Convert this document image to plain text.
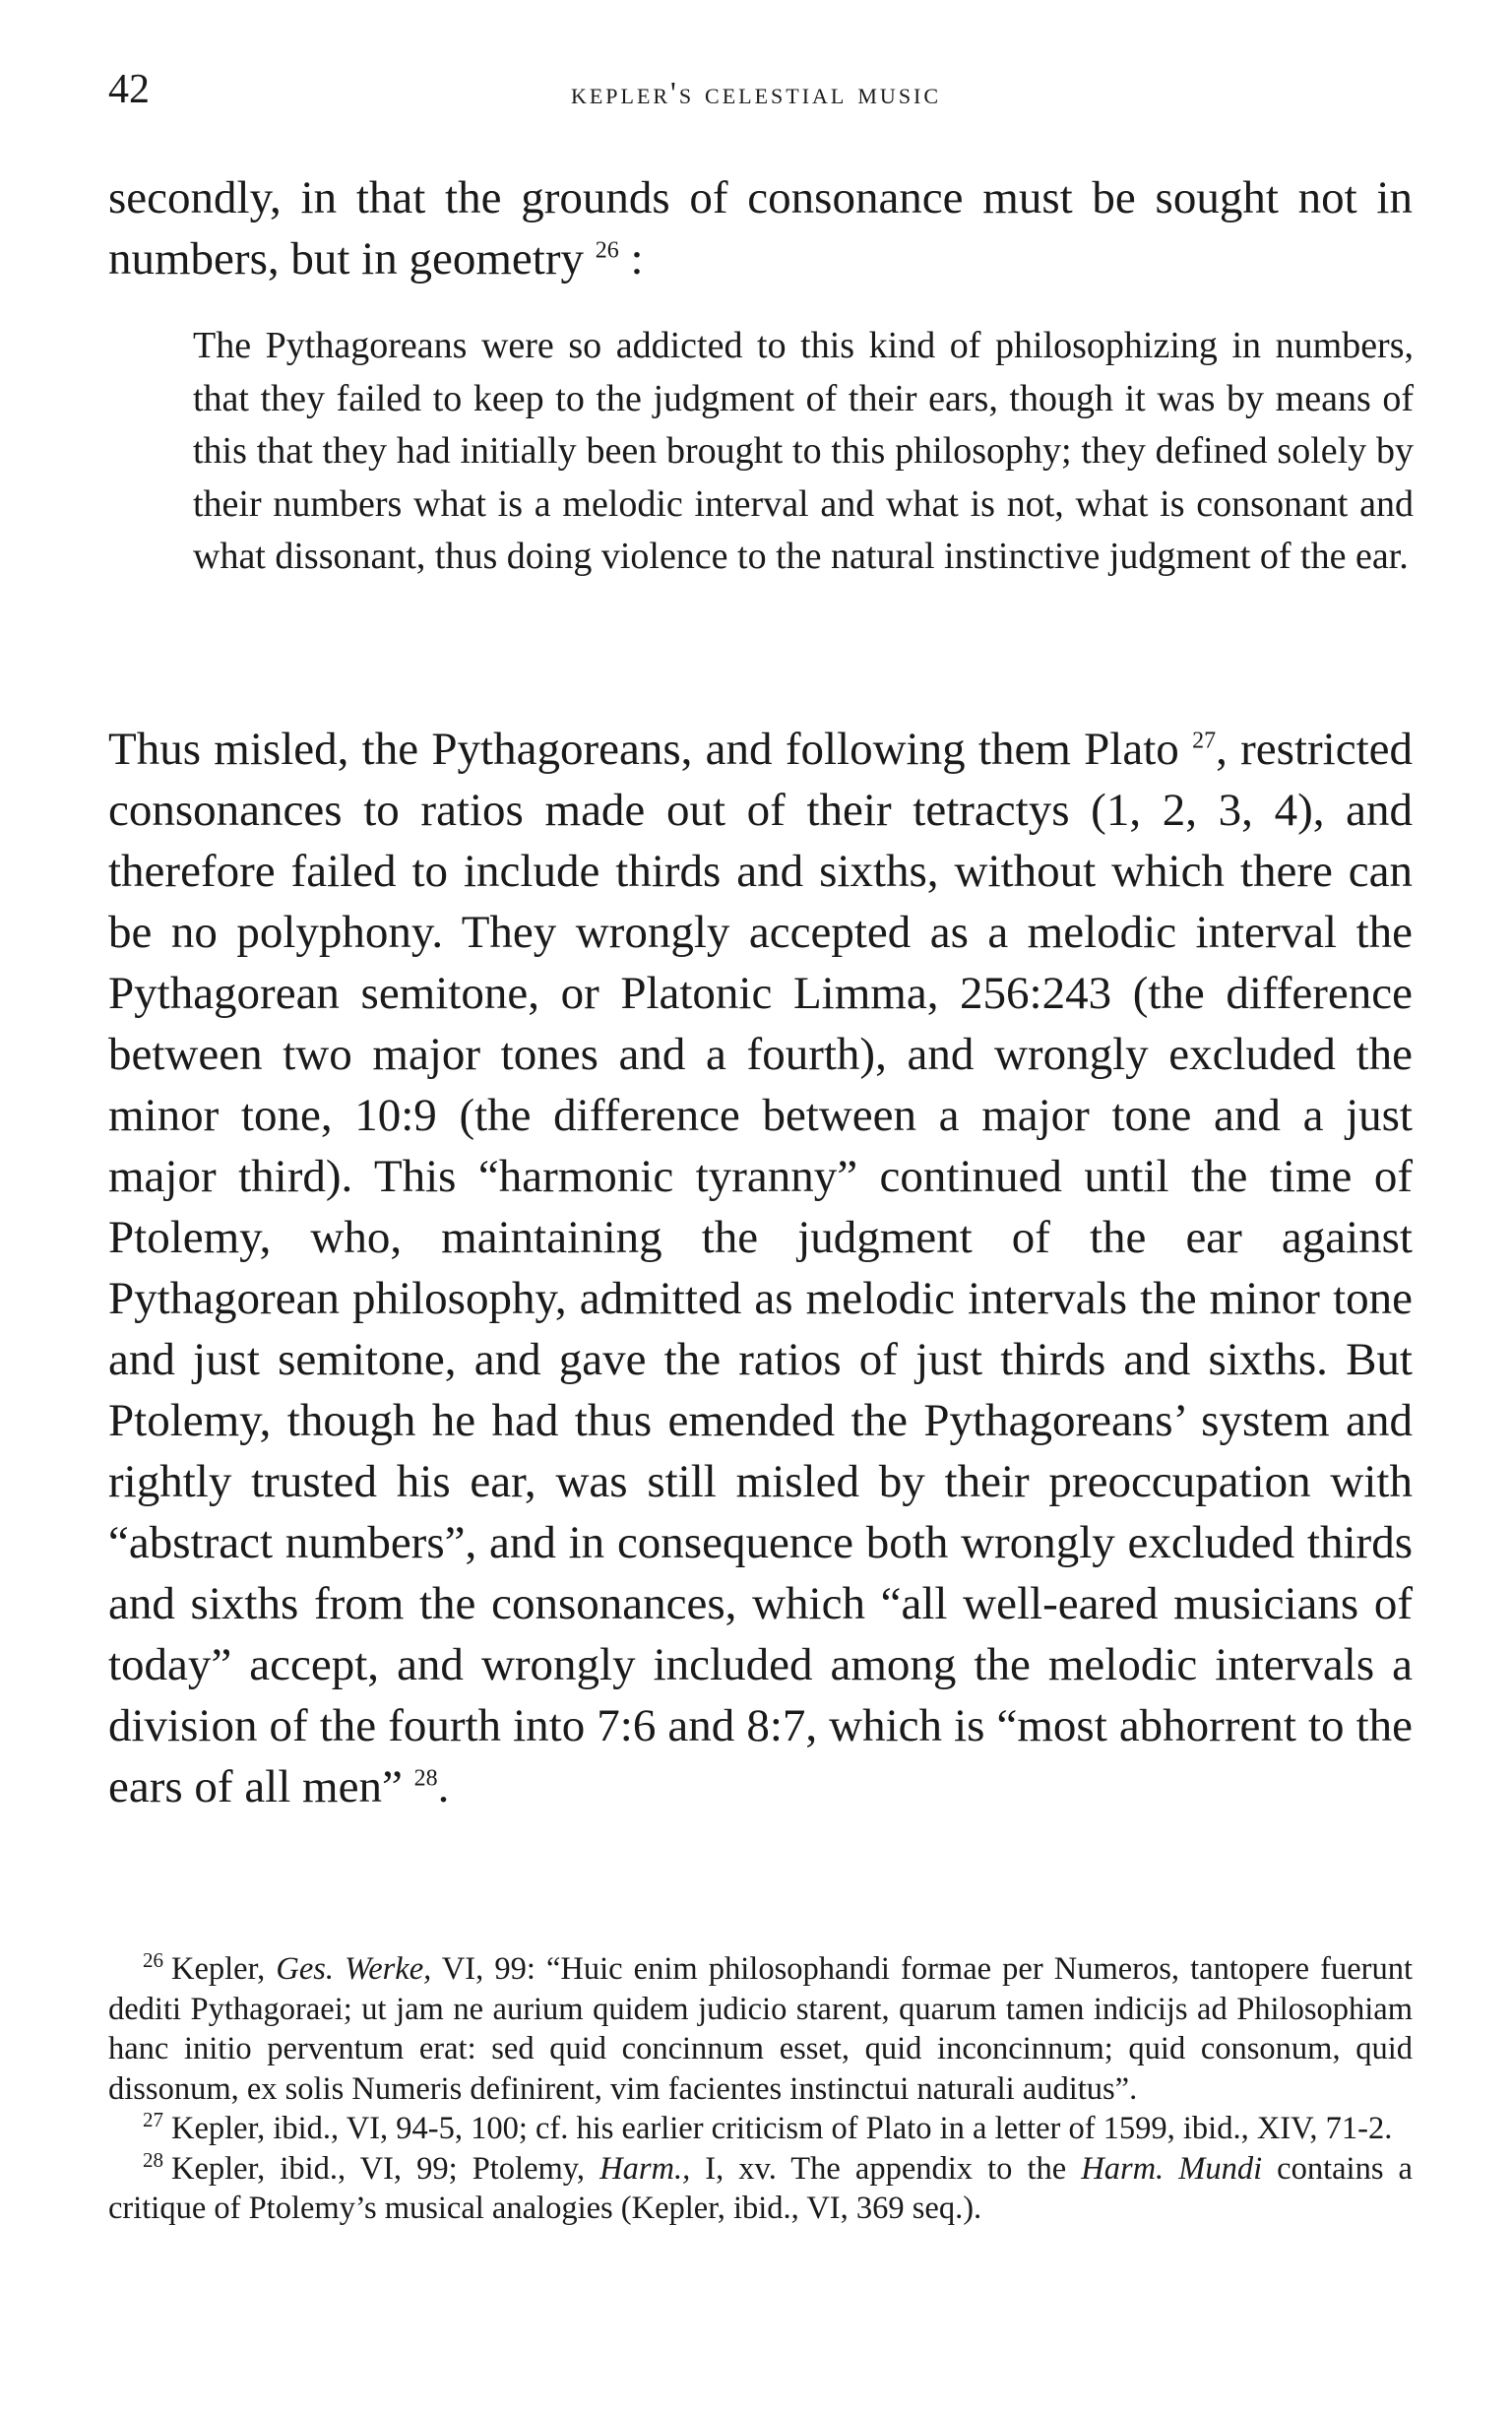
42	kepler's celestial music

secondly, in that the grounds of consonance must be sought not in numbers, but in geometry $^{26}$ :

The Pythagoreans were so addicted to this kind of philosophizing in numbers, that they failed to keep to the judgment of their ears, though it was by means of this that they had initially been brought to this philosophy; they defined solely by their numbers what is a melodic interval and what is not, what is consonant and what dissonant, thus doing violence to the natural instinctive judgment of the ear.

Thus misled, the Pythagoreans, and following them Plato $^{27}$, restricted consonances to ratios made out of their tetractys (1, 2, 3, 4), and therefore failed to include thirds and sixths, without which there can be no polyphony. They wrongly accepted as a melodic interval the Pythagorean semitone, or Platonic Limma, 256:243 (the difference between two major tones and a fourth), and wrongly excluded the minor tone, 10:9 (the difference between a major tone and a just major third). This “harmonic tyranny” continued until the time of Ptolemy, who, maintaining the judgment of the ear against Pythagorean philosophy, admitted as melodic intervals the minor tone and just semitone, and gave the ratios of just thirds and sixths. But Ptolemy, though he had thus emended the Pythagoreans’ system and rightly trusted his ear, was still misled by their preoccupation with “abstract numbers”, and in consequence both wrongly excluded thirds and sixths from the consonances, which “all well-eared musicians of today” accept, and wrongly included among the melodic intervals a division of the fourth into 7:6 and 8:7, which is “most abhorrent to the ears of all men” $^{28}$.

$^{26}$ Kepler, Ges. Werke, VI, 99: “Huic enim philosophandi formae per Numeros, tantopere fuerunt dediti Pythagoraei; ut jam ne aurium quidem judicio starent, quarum tamen indicijs ad Philosophiam hanc initio perventum erat: sed quid concinnum esset, quid inconcinnum; quid consonum, quid dissonum, ex solis Numeris definirent, vim facientes instinctui naturali auditus”.

$^{27}$ Kepler, ibid., VI, 94-5, 100; cf. his earlier criticism of Plato in a letter of 1599, ibid., XIV, 71-2.

$^{28}$ Kepler, ibid., VI, 99; Ptolemy, Harm., I, xv. The appendix to the Harm. Mundi contains a critique of Ptolemy’s musical analogies (Kepler, ibid., VI, 369 seq.).
